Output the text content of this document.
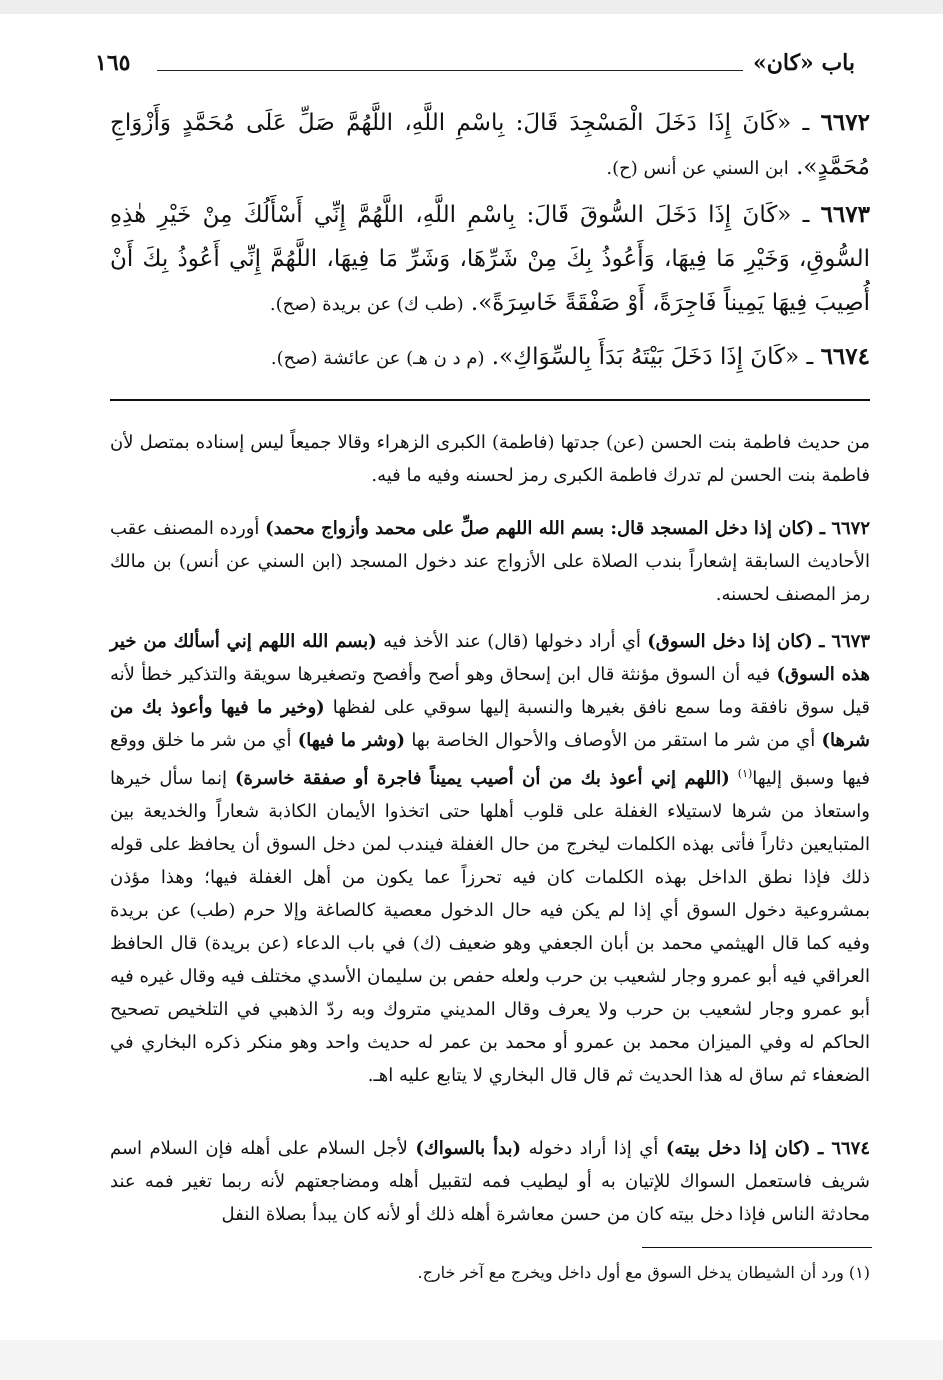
باب «كان»
١٦٥
٦٦٧٢ ـ «كَانَ إِذَا دَخَلَ الْمَسْجِدَ قَالَ: بِاسْمِ اللَّهِ، اللَّهُمَّ صَلِّ عَلَى مُحَمَّدٍ وَأَزْوَاجِ مُحَمَّدٍ». ابن السني عن أنس (ح).
٦٦٧٣ ـ «كَانَ إِذَا دَخَلَ السُّوقَ قَالَ: بِاسْمِ اللَّهِ، اللَّهُمَّ إِنِّي أَسْأَلُكَ مِنْ خَيْرِ هٰذِهِ السُّوقِ، وَخَيْرِ مَا فِيهَا، وَأَعُوذُ بِكَ مِنْ شَرِّهَا، وَشَرِّ مَا فِيهَا، اللَّهُمَّ إِنِّي أَعُوذُ بِكَ أَنْ أُصِيبَ فِيهَا يَمِيناً فَاجِرَةً، أَوْ صَفْقَةً خَاسِرَةً». (طب ك) عن بريدة (صح).
٦٦٧٤ ـ «كَانَ إِذَا دَخَلَ بَيْتَهُ بَدَأَ بِالسِّوَاكِ». (م د ن هـ) عن عائشة (صح).
من حديث فاطمة بنت الحسن (عن) جدتها (فاطمة) الكبرى الزهراء وقالا جميعاً ليس إسناده بمتصل لأن فاطمة بنت الحسن لم تدرك فاطمة الكبرى رمز لحسنه وفيه ما فيه.
٦٦٧٢ ـ (كان إذا دخل المسجد قال: بسم الله اللهم صلِّ على محمد وأزواج محمد) أورده المصنف عقب الأحاديث السابقة إشعاراً بندب الصلاة على الأزواج عند دخول المسجد (ابن السني عن أنس) بن مالك رمز المصنف لحسنه.
٦٦٧٣ ـ (كان إذا دخل السوق) أي أراد دخولها (قال) عند الأخذ فيه (بسم الله اللهم إني أسألك من خير هذه السوق) فيه أن السوق مؤنثة قال ابن إسحاق وهو أصح وأفصح وتصغيرها سويقة والتذكير خطأ لأنه قيل سوق نافقة وما سمع نافق بغيرها والنسبة إليها سوقي على لفظها (وخير ما فيها وأعوذ بك من شرها) أي من شر ما استقر من الأوصاف والأحوال الخاصة بها (وشر ما فيها) أي من شر ما خلق ووقع فيها وسبق إليها$^{(١)}$ (اللهم إني أعوذ بك من أن أصيب يميناً فاجرة أو صفقة خاسرة) إنما سأل خيرها واستعاذ من شرها لاستيلاء الغفلة على قلوب أهلها حتى اتخذوا الأيمان الكاذبة شعاراً والخديعة بين المتبايعين دثاراً فأتى بهذه الكلمات ليخرج من حال الغفلة فيندب لمن دخل السوق أن يحافظ على قوله ذلك فإذا نطق الداخل بهذه الكلمات كان فيه تحرزاً عما يكون من أهل الغفلة فيها؛ وهذا مؤذن بمشروعية دخول السوق أي إذا لم يكن فيه حال الدخول معصية كالصاغة وإلا حرم (طب) عن بريدة وفيه كما قال الهيثمي محمد بن أبان الجعفي وهو ضعيف (ك) في باب الدعاء (عن بريدة) قال الحافظ العراقي فيه أبو عمرو وجار لشعيب بن حرب ولعله حفص بن سليمان الأسدي مختلف فيه وقال غيره فيه أبو عمرو وجار لشعيب بن حرب ولا يعرف وقال المديني متروك وبه ردّ الذهبي في التلخيص تصحيح الحاكم له وفي الميزان محمد بن عمرو أو محمد بن عمر له حديث واحد وهو منكر ذكره البخاري في الضعفاء ثم ساق له هذا الحديث ثم قال قال البخاري لا يتابع عليه اهـ.
٦٦٧٤ ـ (كان إذا دخل بيته) أي إذا أراد دخوله (بدأ بالسواك) لأجل السلام على أهله فإن السلام اسم شريف فاستعمل السواك للإتيان به أو ليطيب فمه لتقبيل أهله ومضاجعتهم لأنه ربما تغير فمه عند محادثة الناس فإذا دخل بيته كان من حسن معاشرة أهله ذلك أو لأنه كان يبدأ بصلاة النفل
(١) ورد أن الشيطان يدخل السوق مع أول داخل ويخرج مع آخر خارج.
